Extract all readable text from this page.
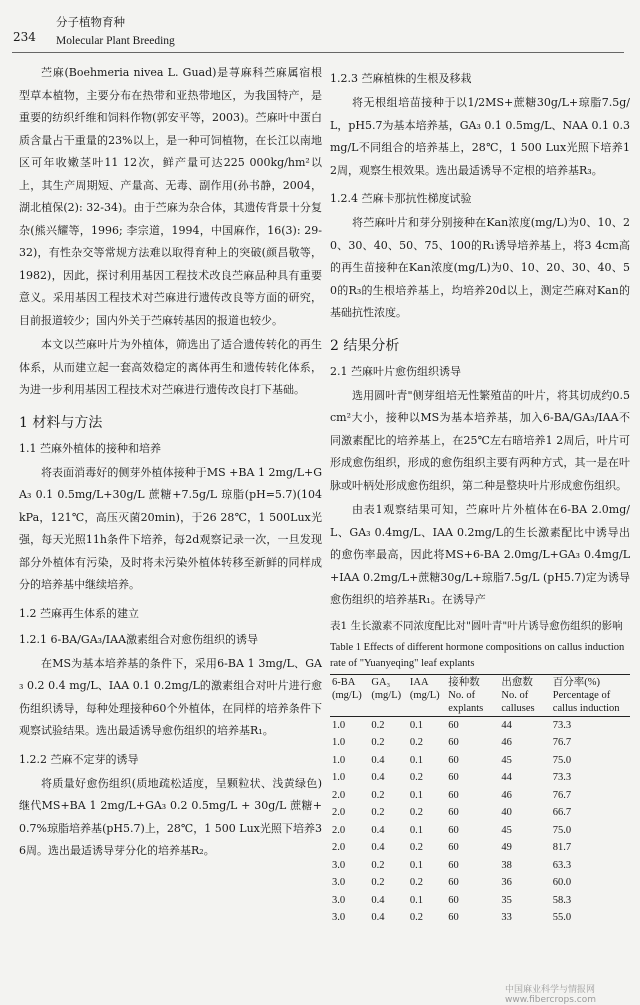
234
分子植物育种
Molecular Plant Breeding

苎麻(Boehmeria nivea L. Guad)是荨麻科苎麻属宿根型草本植物，主要分布在热带和亚热带地区，为我国特产，是重要的纺织纤维和饲料作物(郭安平等，2003)。苎麻叶中蛋白质含量占干重量的23%以上，是一种可饲植物，在长江以南地区可年收嫩茎叶11 12次，鲜产量可达225 000kg/hm²以上，其生产周期短、产量高、无毒、副作用(孙书静，2004，湖北植保(2): 32-34)。由于苎麻为杂合体，其遗传背景十分复杂(熊兴耀等，1996; 李宗道，1994，中国麻作，16(3): 29-32)，有性杂交等常规方法难以取得育种上的突破(颜昌敬等，1982)，因此，探讨利用基因工程技术改良苎麻品种具有重要意义。采用基因工程技术对苎麻进行遗传改良等方面的研究，目前报道较少；国内外关于苎麻转基因的报道也较少。

本文以苎麻叶片为外植体，筛选出了适合遗传转化的再生体系，从而建立起一套高效稳定的离体再生和遗传转化体系，为进一步利用基因工程技术对苎麻进行遗传改良打下基础。

1 材料与方法
1.1 苎麻外植体的接种和培养

将表面消毒好的侧芽外植体接种于MS +BA 1 2mg/L+GA₃ 0.1 0.5mg/L+30g/L 蔗糖+7.5g/L 琼脂(pH=5.7)(104kPa，121℃，高压灭菌20min)，于26 28℃，1 500Lux光强，每天光照11h条件下培养，每2d观察记录一次，一旦发现部分外植体有污染，及时将未污染外植体转移至新鲜的同样成分的培养基中继续培养。

1.2 苎麻再生体系的建立
1.2.1 6-BA/GA₃/IAA激素组合对愈伤组织的诱导

在MS为基本培养基的条件下，采用6-BA 1 3mg/L、GA₃ 0.2 0.4 mg/L、IAA 0.1 0.2mg/L的激素组合对叶片进行愈伤组织诱导，每种处理接种60个外植体，在同样的培养条件下观察试验结果。选出最适诱导愈伤组织的培养基R₁。

1.2.2 苎麻不定芽的诱导

将质量好愈伤组织(质地疏松适度，呈颗粒状、浅黄绿色)继代MS+BA 1 2mg/L+GA₃ 0.2 0.5mg/L + 30g/L 蔗糖+0.7%琼脂培养基(pH5.7)上，28℃，1 500 Lux光照下培养3 6周。选出最适诱导芽分化的培养基R₂。

1.2.3 苎麻植株的生根及移栽

将无根组培苗接种于以1/2MS+蔗糖30g/L+琼脂7.5g/L，pH5.7为基本培养基，GA₃ 0.1 0.5mg/L、NAA 0.1 0.3 mg/L不同组合的培养基上，28℃，1 500 Lux光照下培养1 2周，观察生根效果。选出最适诱导不定根的培养基R₃。

1.2.4 苎麻卡那抗性梯度试验

将苎麻叶片和芽分别接种在Kan浓度(mg/L)为0、10、20、30、40、50、75、100的R₁诱导培养基上，将3 4cm高的再生苗接种在Kan浓度(mg/L)为0、10、20、30、40、50的R₃的生根培养基上，均培养20d以上，测定苎麻对Kan的基础抗性浓度。

2 结果分析
2.1 苎麻叶片愈伤组织诱导

选用圆叶青"侧芽组培无性繁殖苗的叶片，将其切成约0.5cm²大小，接种以MS为基本培养基，加入6-BA/GA₃/IAA不同激素配比的培养基上，在25℃左右暗培养1 2周后，叶片可形成愈伤组织，形成的愈伤组织主要有两种方式，其一是在叶脉或叶柄处形成愈伤组织，第二种是整块叶片形成愈伤组织。

由表1观察结果可知，苎麻叶片外植体在6-BA 2.0mg/L、GA₃ 0.4mg/L、IAA 0.2mg/L的生长激素配比中诱导出的愈伤率最高，因此将MS+6-BA 2.0mg/L+GA₃ 0.4mg/L+IAA 0.2mg/L+蔗糖30g/L+琼脂7.5g/L (pH5.7)定为诱导愈伤组织的培养基R₁。在诱导产

表1 生长激素不同浓度配比对"圆叶青"叶片诱导愈伤组织的影响
Table 1 Effects of different hormone compositions on callus induction rate of "Yuanyeqing" leaf explants
6-BA (mg/L)	GA₃ (mg/L)	IAA (mg/L)	接种数 No. of explants	出愈数 No. of calluses	百分率(%) Percentage of callus induction
1.0	0.2	0.1	60	44	73.3
1.0	0.2	0.2	60	46	76.7
1.0	0.4	0.1	60	45	75.0
1.0	0.4	0.2	60	44	73.3
2.0	0.2	0.1	60	46	76.7
2.0	0.2	0.2	60	40	66.7
2.0	0.4	0.1	60	45	75.0
2.0	0.4	0.2	60	49	81.7
3.0	0.2	0.1	60	38	63.3
3.0	0.2	0.2	60	36	60.0
3.0	0.4	0.1	60	35	58.3
3.0	0.4	0.2	60	33	55.0
中国麻业科学与情报网 www.fibercrops.com
